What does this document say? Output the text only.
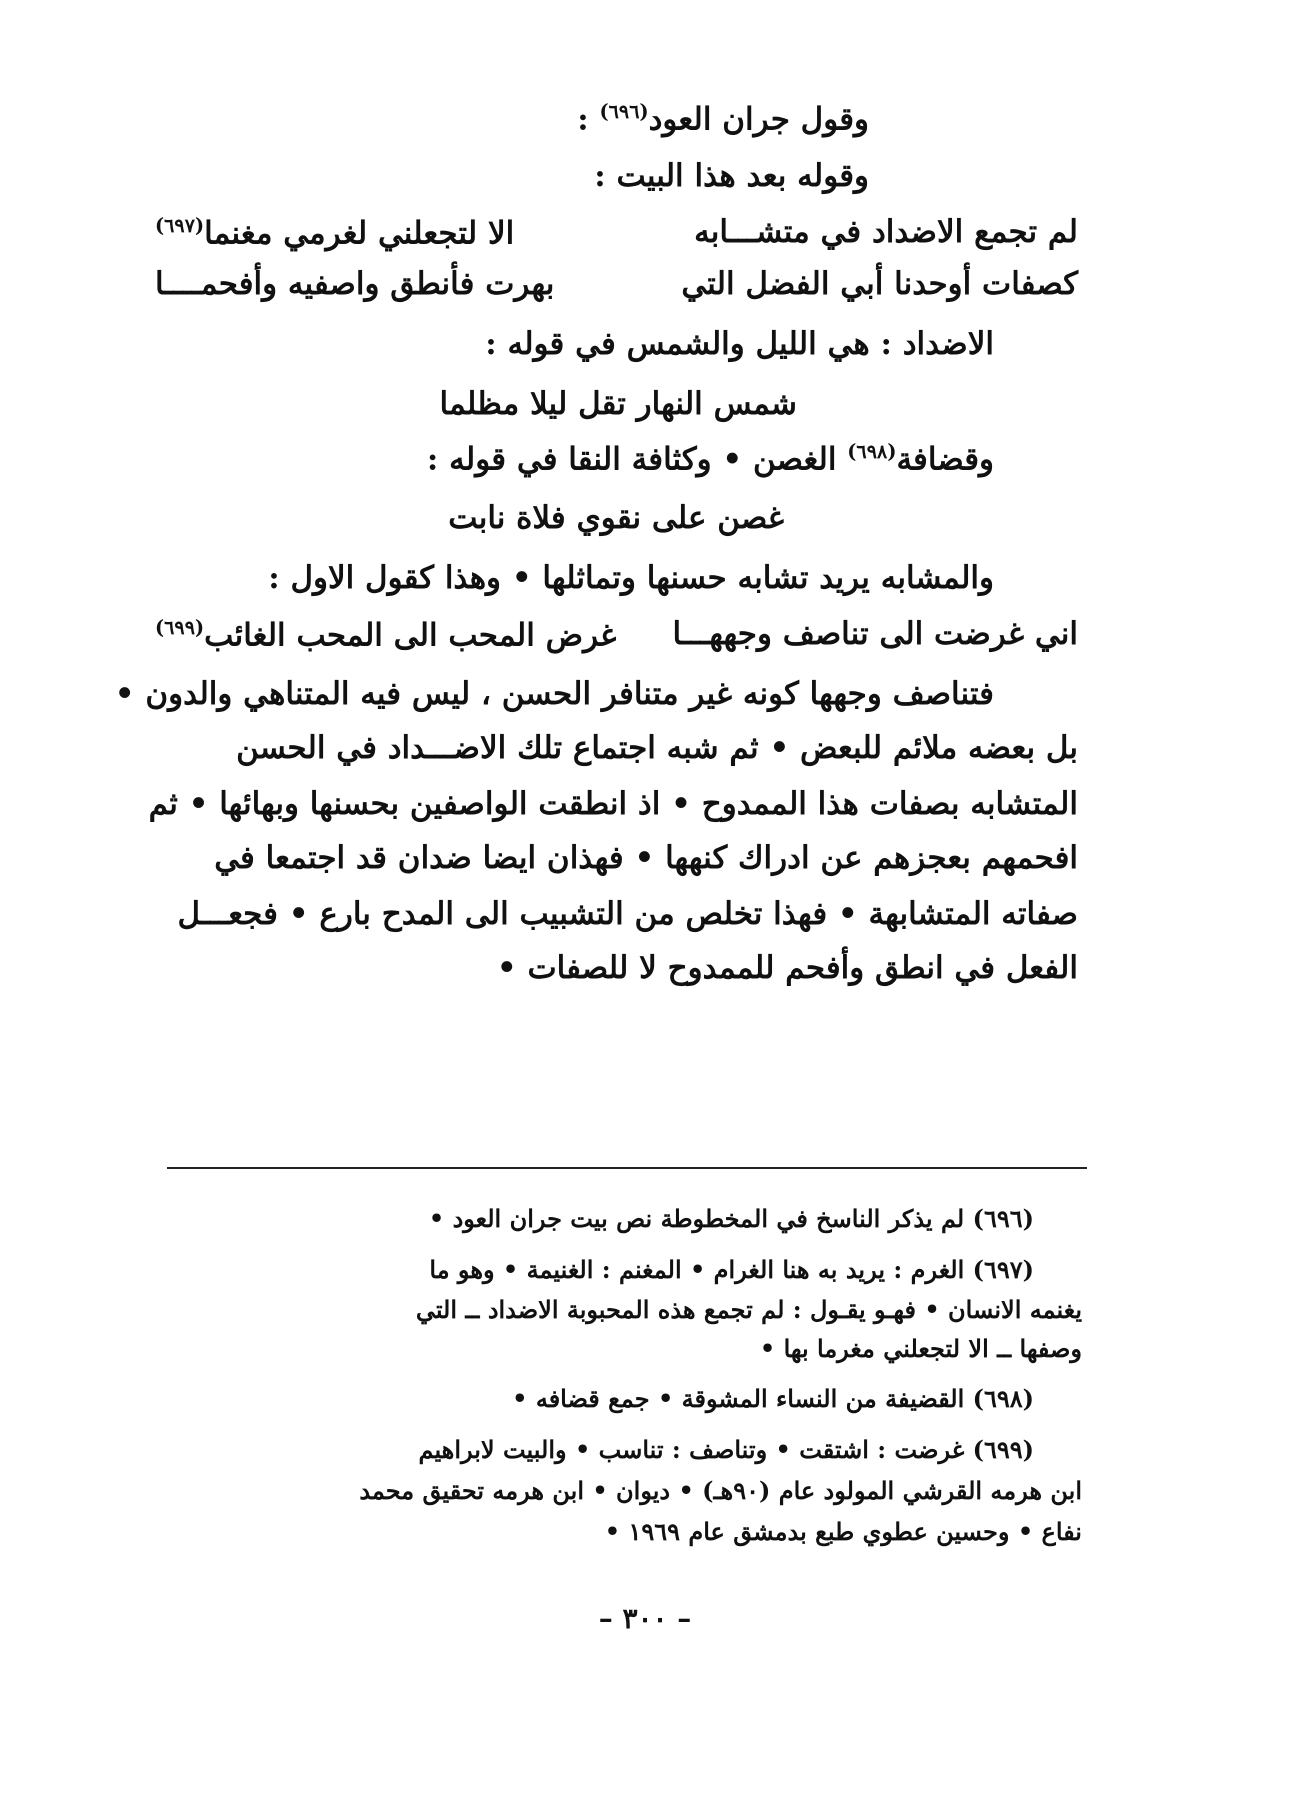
وقول جران العود$^{(٦٩٦)}$ :
وقوله بعد هذا البيت :
لم تجمع الاضداد في متشـــابه
الا لتجعلني لغرمي مغنما$^{(٦٩٧)}$
كصفات أوحدنا أبي الفضل التي
بهرت فأنطق واصفيه وأفحمــــا
الاضداد : هي الليل والشمس في قوله :
شمس النهار تقل ليلا مظلما
وقضافة$^{(٦٩٨)}$ الغصن • وكثافة النقا في قوله :
غصن على نقوي فلاة نابت
والمشابه يريد تشابه حسنها وتماثلها • وهذا كقول الاول :
اني غرضت الى تناصف وجههـــا
غرض المحب الى المحب الغائب$^{(٦٩٩)}$
فتناصف وجهها كونه غير متنافر الحسن ، ليس فيه المتناهي والدون •
بل بعضه ملائم للبعض • ثم شبه اجتماع تلك الاضـــداد في الحسن
المتشابه بصفات هذا الممدوح • اذ انطقت الواصفين بحسنها وبهائها • ثم
افحمهم بعجزهم عن ادراك كنهها • فهذان ايضا ضدان قد اجتمعا في
صفاته المتشابهة • فهذا تخلص من التشبيب الى المدح بارع • فجعـــل
الفعل في انطق وأفحم للممدوح لا للصفات •
(٦٩٦) لم يذكر الناسخ في المخطوطة نص بيت جران العود •
(٦٩٧) الغرم : يريد به هنا الغرام • المغنم : الغنيمة • وهو ما
يغنمه الانسان • فهـو يقـول : لم تجمع هذه المحبوبة الاضداد ــ التي
وصفها ــ الا لتجعلني مغرما بها •
(٦٩٨) القضيفة من النساء المشوقة • جمع قضافه •
(٦٩٩) غرضت : اشتقت • وتناصف : تناسب • والبيت لابراهيم
ابن هرمه القرشي المولود عام (٩٠هـ) • ديوان • ابن هرمه تحقيق محمد
نفاع • وحسين عطوي طبع بدمشق عام ١٩٦٩ •
– ٣٠٠ –
